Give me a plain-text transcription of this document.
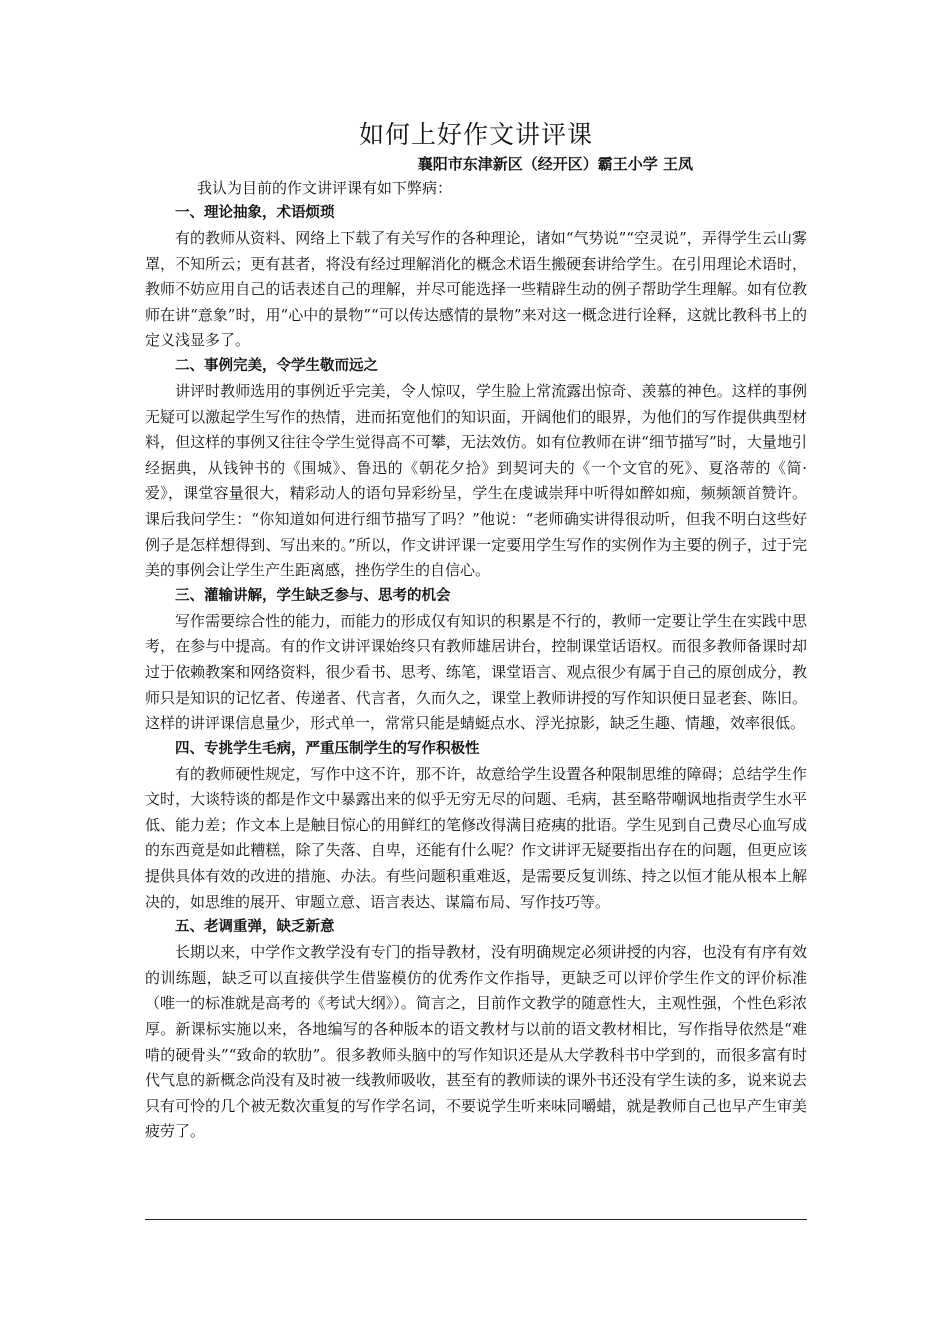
如何上好作文讲评课

襄阳市东津新区（经开区）霸王小学 王凤

我认为目前的作文讲评课有如下弊病：

一、理论抽象，术语烦琐

有的教师从资料、网络上下载了有关写作的各种理论，诸如“气势说”“空灵说”，弄得学生云山雾罩，不知所云；更有甚者，将没有经过理解消化的概念术语生搬硬套讲给学生。在引用理论术语时，教师不妨应用自己的话表述自己的理解，并尽可能选择一些精辟生动的例子帮助学生理解。如有位教师在讲“意象”时，用“心中的景物”“可以传达感情的景物”来对这一概念进行诠释，这就比教科书上的定义浅显多了。

二、事例完美，令学生敬而远之

讲评时教师选用的事例近乎完美，令人惊叹，学生脸上常流露出惊奇、羡慕的神色。这样的事例无疑可以激起学生写作的热情，进而拓宽他们的知识面，开阔他们的眼界，为他们的写作提供典型材料，但这样的事例又往往令学生觉得高不可攀，无法效仿。如有位教师在讲“细节描写”时，大量地引经据典，从钱钟书的《围城》、鲁迅的《朝花夕拾》到契诃夫的《一个文官的死》、夏洛蒂的《简·爱》，课堂容量很大，精彩动人的语句异彩纷呈，学生在虔诚崇拜中听得如醉如痴，频频颔首赞许。课后我问学生：“你知道如何进行细节描写了吗？”他说：“老师确实讲得很动听，但我不明白这些好例子是怎样想得到、写出来的。”所以，作文讲评课一定要用学生写作的实例作为主要的例子，过于完美的事例会让学生产生距离感，挫伤学生的自信心。

三、灌输讲解，学生缺乏参与、思考的机会

写作需要综合性的能力，而能力的形成仅有知识的积累是不行的，教师一定要让学生在实践中思考，在参与中提高。有的作文讲评课始终只有教师雄居讲台，控制课堂话语权。而很多教师备课时却过于依赖教案和网络资料，很少看书、思考、练笔，课堂语言、观点很少有属于自己的原创成分，教师只是知识的记忆者、传递者、代言者，久而久之，课堂上教师讲授的写作知识便日显老套、陈旧。这样的讲评课信息量少，形式单一，常常只能是蜻蜓点水、浮光掠影，缺乏生趣、情趣，效率很低。

四、专挑学生毛病，严重压制学生的写作积极性

有的教师硬性规定，写作中这不许，那不许，故意给学生设置各种限制思维的障碍；总结学生作文时，大谈特谈的都是作文中暴露出来的似乎无穷无尽的问题、毛病，甚至略带嘲讽地指责学生水平低、能力差；作文本上是触目惊心的用鲜红的笔修改得满目疮痍的批语。学生见到自己费尽心血写成的东西竟是如此糟糕，除了失落、自卑，还能有什么呢？作文讲评无疑要指出存在的问题，但更应该提供具体有效的改进的措施、办法。有些问题积重难返，是需要反复训练、持之以恒才能从根本上解决的，如思维的展开、审题立意、语言表达、谋篇布局、写作技巧等。

五、老调重弹，缺乏新意

长期以来，中学作文教学没有专门的指导教材，没有明确规定必须讲授的内容，也没有有序有效的训练题，缺乏可以直接供学生借鉴模仿的优秀作文作指导，更缺乏可以评价学生作文的评价标准（唯一的标准就是高考的《考试大纲》）。简言之，目前作文教学的随意性大，主观性强，个性色彩浓厚。新课标实施以来，各地编写的各种版本的语文教材与以前的语文教材相比，写作指导依然是“难啃的硬骨头”“致命的软肋”。很多教师头脑中的写作知识还是从大学教科书中学到的，而很多富有时代气息的新概念尚没有及时被一线教师吸收，甚至有的教师读的课外书还没有学生读的多，说来说去只有可怜的几个被无数次重复的写作学名词，不要说学生听来味同嚼蜡，就是教师自己也早产生审美疲劳了。
